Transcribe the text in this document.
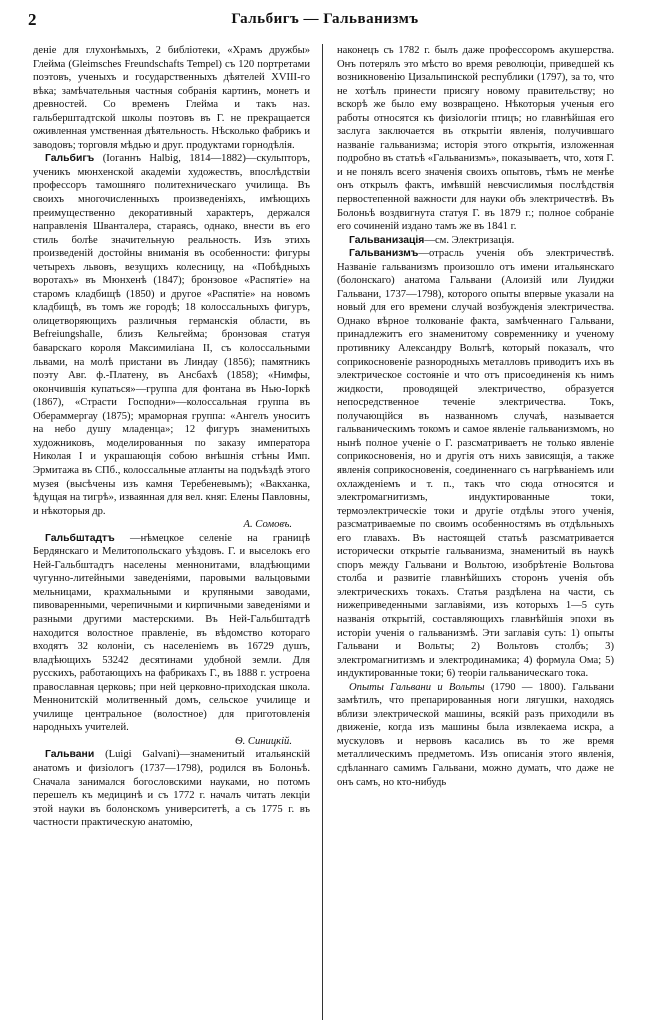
2	Гальбигъ — Гальванизмъ

денiе для глухонѣмыхъ, 2 библiотеки, «Храмъ дружбы» Глейма (Gleimsches Freundschafts Tempel) съ 120 портретами поэтовъ, ученыхъ и государственныхъ дѣятелей XVIII-го вѣка; замѣчательныя частныя собранiя картинъ, монетъ и древностей. Со временъ Глейма и такъ наз. гальберштадтской школы поэтовъ въ Г. не прекращается оживленная умственная дѣятельность. Нѣсколько фабрикъ и заводовъ; торговля мѣдью и друг. продуктами горнодѣлiя.

Гальбигъ (Іоганнъ Halbig, 1814—1882)—скульпторъ, ученикъ мюнхенской академiи художествъ, впослѣдствiи профессоръ тамошняго политехническаго училища. Въ своихъ многочисленныхъ произведенiяхъ, имѣющихъ преимущественно декоративный характеръ, держался направленiя Шванталера, стараясь, однако, внести въ его стиль болѣе значительную реальность. Изъ этихъ произведенiй достойны вниманiя въ особенности: фигуры четырехъ львовъ, везущихъ колесницу, на «Побѣдныхъ воротахъ» въ Мюнхенѣ (1847); бронзовое «Распятiе» на старомъ кладбищѣ (1850) и другое «Распятiе» на новомъ кладбищѣ, въ томъ же городѣ; 18 колоссальныхъ фигуръ, олицетворяющихъ различныя германскiя области, въ Befreiungshalle, близъ Кельгейма; бронзовая статуя баварскаго короля Максимилiана II, съ колоссальными львами, на молѣ пристани въ Линдау (1856); памятникъ поэту Авг. ф.-Платену, въ Ансбахѣ (1858); «Нимфы, окончившiя купаться»—группа для фонтана въ Нью-Iоркѣ (1867), «Страсти Господни»—колоссальная группа въ Обераммергау (1875); мраморная группа: «Ангелъ уноситъ на небо душу младенца»; 12 фигуръ знаменитыхъ художниковъ, моделированныя по заказу императора Николая I и украшающiя собою внѣшнiя стѣны Имп. Эрмитажа въ СПб., колоссальные атланты на подъѣздѣ этого музея (высѣчены изъ камня Теребеневымъ); «Вакханка, ѣдущая на тигрѣ», изваянная для вел. княг. Елены Павловны, и нѣкоторыя др.
А. Сомовъ.

Гальбштадтъ —нѣмецкое селенiе на границѣ Бердянскаго и Мелитопольскаго уѣздовъ. Г. и выселокъ его Ней-Гальбштадтъ населены меннонитами, владѣющими чугунно-литейными заведенiями, паровыми вальцовыми мельницами, крахмальными и крупяными заводами, пивоваренными, черепичными и кирпичными заведенiями и разными другими мастерскими. Въ Ней-Гальбштадтѣ находится волостное правленiе, въ вѣдомство котораго входятъ 32 колонiи, съ населенiемъ въ 16729 душъ, владѣющихъ 53242 десятинами удобной земли. Для русскихъ, работающихъ на фабрикахъ Г., въ 1888 г. устроена православная церковь; при ней церковно-приходская школа. Меннонитскiй молитвенный домъ, сельское училище и училище центральное (волостное) для приготовленiя народныхъ учителей.
Ѳ. Синицкiй.

Гальвани (Luigi Galvani)—знаменитый итальянскiй анатомъ и физiологъ (1737—1798), родился въ Болоньѣ. Сначала занимался богословскими науками, но потомъ перешелъ къ медицинѣ и съ 1772 г. началъ читать лекцiи этой науки въ болонскомъ университетѣ, а съ 1775 г. въ частности практическую анатомiю,

наконецъ съ 1782 г. былъ даже профессоромъ акушерства. Онъ потерялъ это мѣсто во время революцiи, приведшей къ возникновенiю Цизальпинской республики (1797), за то, что не хотѣлъ принести присягу новому правительству; но вскорѣ же было ему возвращено. Нѣкоторыя ученыя его работы относятся къ физiологiи птицъ; но главнѣйшая его заслуга заключается въ открытiи явленiя, получившаго названiе гальванизма; исторiя этого открытiя, изложенная подробно въ статьѣ «Гальванизмъ», показываетъ, что, хотя Г. и не понялъ всего значенiя своихъ опытовъ, тѣмъ не менѣе онъ открылъ фактъ, имѣвшiй невсчислимыя послѣдствiя первостепенной важности для науки объ электричествѣ. Въ Болоньѣ воздвигнута статуя Г. въ 1879 г.; полное собранiе его сочиненiй издано тамъ же въ 1841 г.

Гальванизацiя—см. Электризацiя.

Гальванизмъ—отрасль ученiя объ электричествѣ. Названiе гальванизмъ произошло отъ имени итальянскаго (болонскаго) анатома Гальвани (Алоизiй или Луиджи Гальвани, 1737—1798), которого опыты впервые указали на новый для его времени случай возбужденiя электричества. Однако вѣрное толкованiе факта, замѣченнаго Гальвани, принадлежитъ его знаменитому современнику и ученому противнику Александру Вольтѣ, который показалъ, что соприкосновенiе разнородныхъ металловъ приводитъ ихъ въ электрическое состоянiе и что отъ присоединенiя къ нимъ жидкости, проводящей электричество, образуется непосредственное теченiе электричества. Токъ, получающiйся въ названномъ случаѣ, называется гальваническимъ токомъ и самое явленiе гальванизмомъ, но нынѣ полное ученiе о Г. разсматриваетъ не только явленiе соприкосновенiя, но и другiя отъ нихъ зависящiя, а также явленiя соприкосновенiя, соединеннаго съ нагрѣванiемъ или охлажденiемъ и т. п., такъ что сюда относятся и электромагнитизмъ, индуктированные токи, термоэлектрическiе токи и другiе отдѣлы этого ученiя, разсматриваемые по своимъ особенностямъ въ отдѣльныхъ его главахъ. Въ настоящей статьѣ разсматривается исторически открытiе гальванизма, знаменитый въ наукѣ споръ между Гальвани и Вольтою, изобрѣтенiе Вольтова столба и развитiе главнѣйшихъ сторонъ ученiя объ электрическихъ токахъ. Статья раздѣлена на части, съ нижеприведенными заглавiями, изъ которыхъ 1—5 суть названiя открытiй, составляющихъ главнѣйшiя эпохи въ исторiи ученiя о гальванизмѣ. Эти заглавiя суть: 1) опыты Гальвани и Вольты; 2) Вольтовъ столбъ; 3) электромагнитизмъ и электродинамика; 4) формула Ома; 5) индуктированные токи; 6) теорiи гальваническаго тока.

Опыты Гальвани и Вольты (1790 — 1800). Гальвани замѣтилъ, что препарированныя ноги лягушки, находясь вблизи электрической машины, всякiй разъ приходили въ движенiе, когда изъ машины была извлекаема искра, а мускуловъ и нервовъ касались въ то же время металлическимъ предметомъ. Изъ описанiя этого явленiя, сдѣланнаго самимъ Гальвани, можно думать, что даже не онъ самъ, но кто-нибудь
